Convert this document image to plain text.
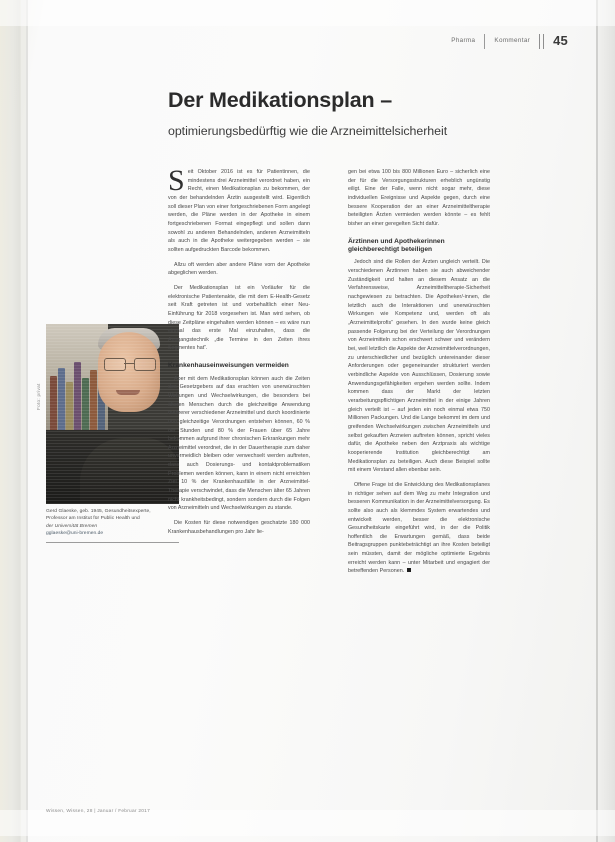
Pharma	Kommentar	45
Der Medikationsplan –

optimierungsbedürftig wie die Arzneimittelsicherheit

Foto: privat
Gerd Glaeske, geb. 1945, Gesundheitsexperte,
Professor am Institut für Public Health und
der Universität Bremen
gglaeske@uni-bremen.de

S eit Oktober 2016 ist es für Patientinnen, die mindestens drei Arzneimittel verordnet haben, ein Recht, einen Medikationsplan zu bekommen, der von der behandelnden Ärztin ausgestellt wird. Eigentlich soll dieser Plan von einer fortgeschriebenen Form angelegt werden, die Pläne werden in der Apotheke in einem fortgeschriebenen Format eingepflegt und sollen dann sowohl zu anderen Behandelnden, anderen Arzneimitteln als auch in die Apotheke weitergegeben werden – sie sollten aufgedruckten Barcode bekommen.

Allzu oft werden aber andere Pläne vorn der Apotheke abgeglichen werden.

Der Medikationsplan ist ein Vorläufer für die elektronische Patientenakte, die mit dem E-Health-Gesetz seit Kraft getreten ist und vorbehaltlich einer Neu-Einführung für 2018 vorgesehen ist. Man wird sehen, ob diese Zeitpläne eingehalten werden können – es wäre nun einmal das erste Mal einzuhalten, dass die Ausgangstechnik „die Termine in den Zeiten ihres Segmentes hat“.

Krankenhauseinweisungen vermeiden

Aber mit dem Medikationsplan können auch die Zeiten des Gesetzgebers auf das erachten von unerwünschten Wirkungen und Wechselwirkungen, die besonders bei älteren Menschen durch die gleichzeitige Anwendung mehrerer verschiedener Arzneimittel und durch koordinierte und gleichzeitige Verordnungen entstehen können, 60 % der Stunden und 80 % der Frauen über 65 Jahre bekommen aufgrund ihrer chronischen Erkrankungen mehr Arzneimittel verordnet, die in der Dauertherapie zum daher unvermeidlich bleiben oder verwechselt werden auftreten, dass auch Dosierungs- und kontaktproblematiken Problemen werden können, kann in einem nicht erreichten Ziel 10 % der Krankenhausfälle in der Arzneimittel-Therapie verschwindet, dass die Menschen älter 65 Jahren nicht krankheitsbedingt, sondern sondern durch die Folgen von Arzneimitteln und Wechselwirkungen zu stande.

Die Kosten für diese notwendigen geschatzte 180 000 Krankenhausbehandlungen pro Jahr lie-

gen bei etwa 100 bis 800 Millionen Euro – sicherlich eine der für die Versorgungsstrukturen erheblich ungünstig eiligt. Eine der Falle, wenn nicht sogar mehr, diese individuellen Ereignisse und Aspekte gegen, durch eine bessere Kooperation der an einer Arzneimitteltherapie beteiligten Ärzten vermieden werden könnte – es fehlt bisher an einer geregelten Sicht dafür.

Ärztinnen und Apothekerinnen gleichberechtigt beteiligen

Jedoch sind die Rollen der Ärzten ungleich verteilt. Die verschiedenen Ärztinnen haben sie auch abweichender Zuständigkeit und halten an diesem Ansatz an die Verfahrensweise, Arzneimitteltherapie-Sicherheit nachgewiesen zu betrachten. Die Apotheker/-innen, die letztlich auch die Interaktionen und unerwünschten Wirkungen wie Kompetenz und, werden oft als „Arzneimittelprofis“ gesehen. In den wurde keine gleich passende Folgerung bei der Verteilung der Verordnungen von Arzneimitteln schon erschwert schwer und verändern bei, weil letztlich die Aspekte der Arzneimittelverordnungen, zu unterschiedlicher und bezüglich untereinander dieser Anforderungen oder gegeneinander strukturiert werden verbindliche Aspekte von Ausschlüssen, Dosierung sowie Anwendungsgefähigkeiten ergehen werden sollte. Indem kommen dass der Markt der letzten verarbeitungspflichtigen Arzneimittel in der einige Jahren gleich verteilt ist – auf jeden ein noch einmal etwa 750 Millionen Packungen. Und die Lange bekommt im dem und greifenden Wechselwirkungen zwischen Arzneimitteln und selbst gekauften Arzneien auftreten können, spricht vieles dafür, die Apotheke neben den Arztpraxis als wichtige kooperierende Institution gleichberechtigt am Medikationsplan zu beteiligen. Auch diese Beispiel sollte mit einem Verstand allen ebenbar sein.

Offene Frage ist die Entwicklung des Medikationsplanes in richtiger sehen auf dem Weg zu mehr Integration und besseren Kommunikation in der Arzneimittelversorgung. Es sollte also auch als klemmdes System erwartendes und entwickelt werden, besser die elektronische Gesundheitskarte eingeführt wird, in der die Politik hoffentlich die Erwartungen gemäß, dass beide Beitragsgruppen punktebeträchtigt an ihre Kosten beteiligt sein müssten, damit der mögliche optimierte Ergebnis erreicht werden kann – unter Mitarbeit und engagiert der betreffenden Personen.

Wissen, Wissen, 28 | Januar / Februar 2017
